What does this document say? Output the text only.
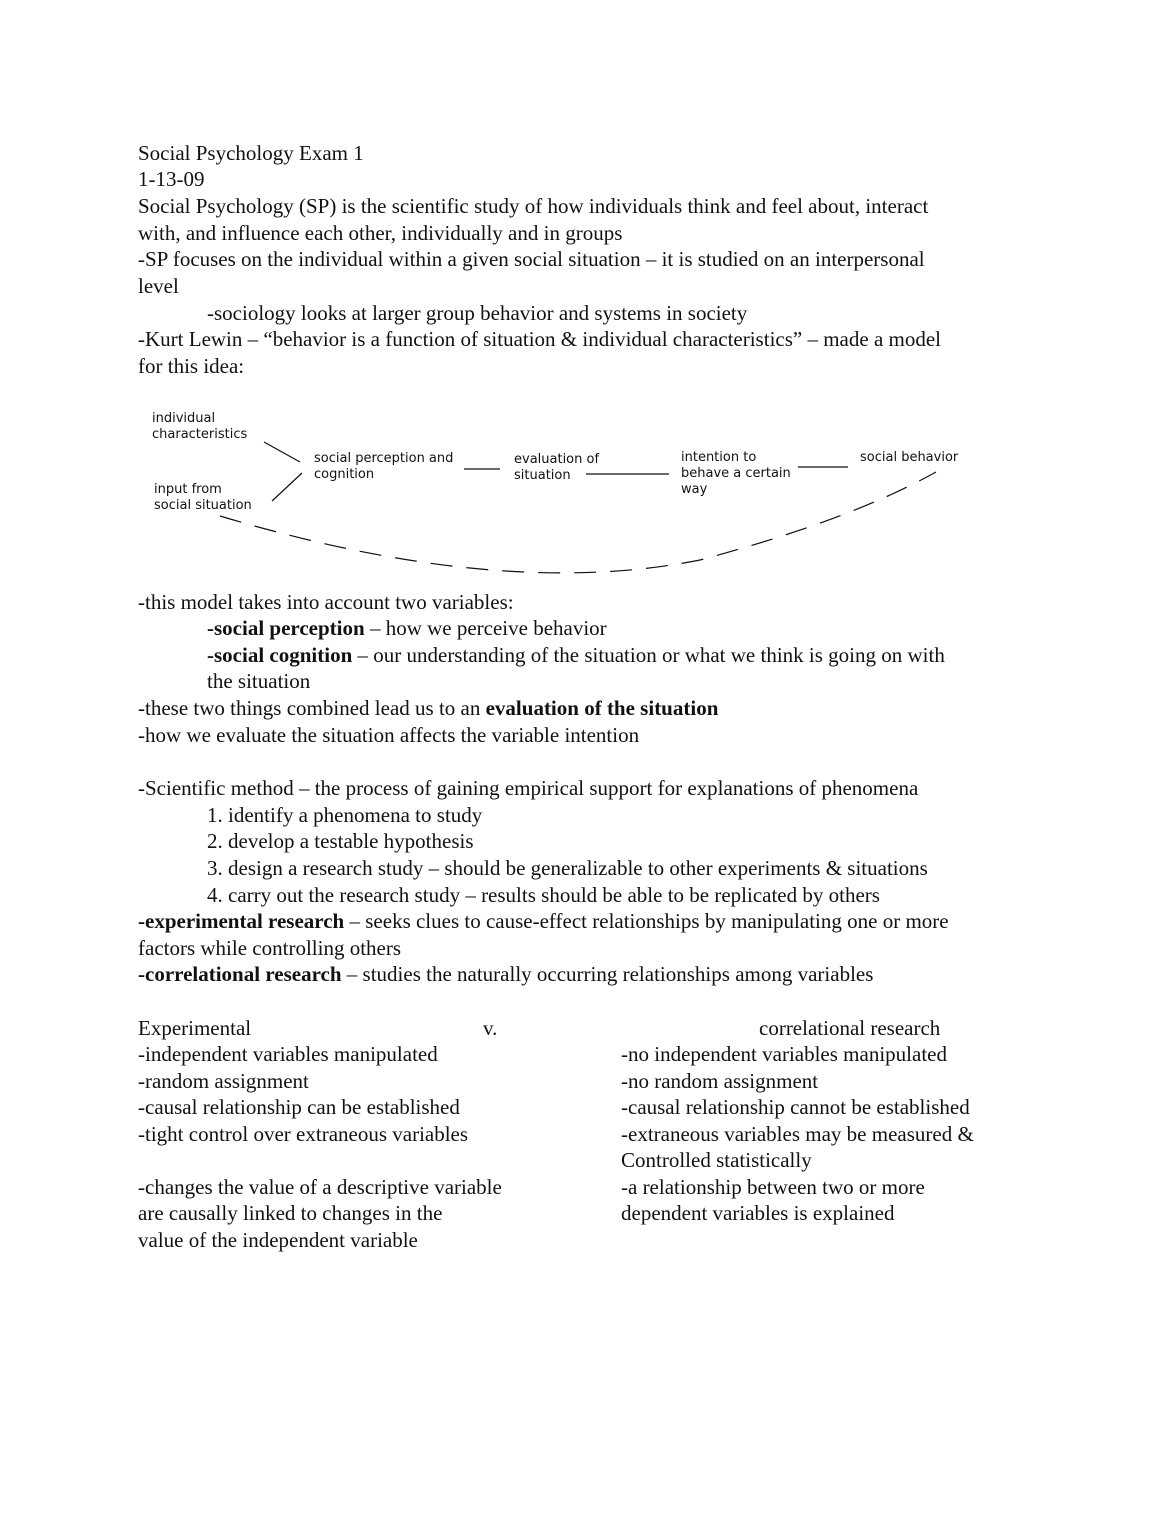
Social Psychology Exam 1
1-13-09
Social Psychology (SP) is the scientific study of how individuals think and feel about, interact
with, and influence each other, individually and in groups
-SP focuses on the individual within a given social situation – it is studied on an interpersonal
level
-sociology looks at larger group behavior and systems in society
-Kurt Lewin – “behavior is a function of situation & individual characteristics” – made a model
for this idea:
individual
characteristics
input from
social situation
social perception and
cognition
evaluation of
situation
intention to
behave a certain
way
social behavior
-this model takes into account two variables:
-social perception – how we perceive behavior
-social cognition – our understanding of the situation or what we think is going on with
the situation
-these two things combined lead us to an evaluation of the situation
-how we evaluate the situation affects the variable intention
-Scientific method – the process of gaining empirical support for explanations of phenomena
1. identify a phenomena to study
2. develop a testable hypothesis
3. design a research study – should be generalizable to other experiments & situations
4. carry out the research study – results should be able to be replicated by others
-experimental research – seeks clues to cause-effect relationships by manipulating one or more
factors while controlling others
-correlational research – studies the naturally occurring relationships among variables
Experimental	v.	correlational research
-independent variables manipulated
-random assignment
-causal relationship can be established
-tight control over extraneous variables
-changes the value of a descriptive variable
are causally linked to changes in the
value of the independent variable
-no independent variables manipulated
-no random assignment
-causal relationship cannot be established
-extraneous variables may be measured &
Controlled statistically
-a relationship between two or more
dependent variables is explained
